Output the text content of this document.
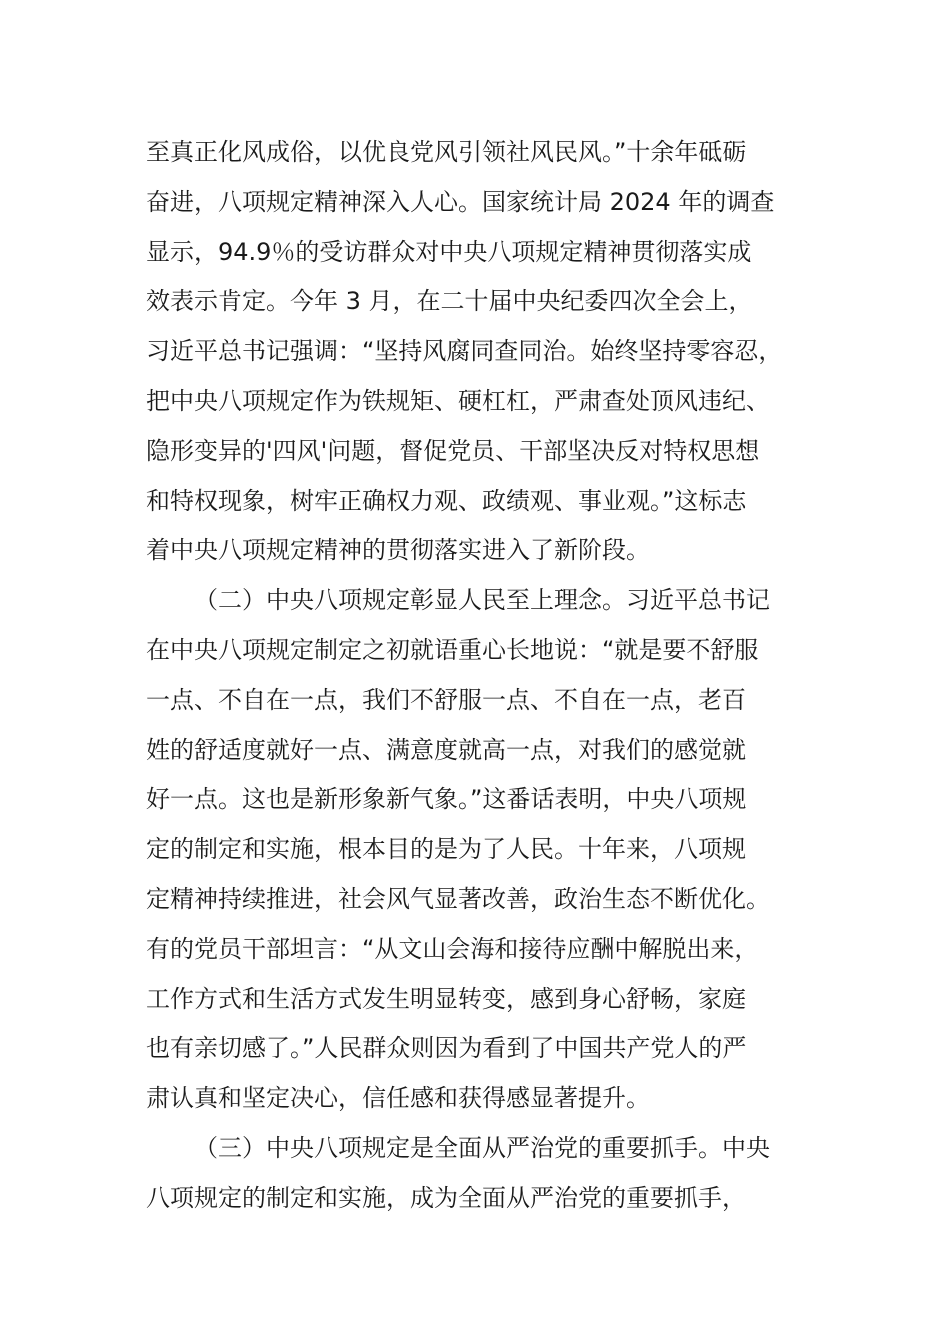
至真正化风成俗，以优良党风引领社风民风。”十余年砥砺
奋进，八项规定精神深入人心。国家统计局 2024 年的调查
显示，94.9％的受访群众对中央八项规定精神贯彻落实成
效表示肯定。今年 3 月，在二十届中央纪委四次全会上，
习近平总书记强调：“坚持风腐同查同治。始终坚持零容忍，
把中央八项规定作为铁规矩、硬杠杠，严肃查处顶风违纪、
隐形变异的'四风'问题，督促党员、干部坚决反对特权思想
和特权现象，树牢正确权力观、政绩观、事业观。”这标志
着中央八项规定精神的贯彻落实进入了新阶段。
（二）中央八项规定彰显人民至上理念。习近平总书记
在中央八项规定制定之初就语重心长地说：“就是要不舒服
一点、不自在一点，我们不舒服一点、不自在一点，老百
姓的舒适度就好一点、满意度就高一点，对我们的感觉就
好一点。这也是新形象新气象。”这番话表明，中央八项规
定的制定和实施，根本目的是为了人民。十年来，八项规
定精神持续推进，社会风气显著改善，政治生态不断优化。
有的党员干部坦言：“从文山会海和接待应酬中解脱出来，
工作方式和生活方式发生明显转变，感到身心舒畅，家庭
也有亲切感了。”人民群众则因为看到了中国共产党人的严
肃认真和坚定决心，信任感和获得感显著提升。
（三）中央八项规定是全面从严治党的重要抓手。中央
八项规定的制定和实施，成为全面从严治党的重要抓手，
